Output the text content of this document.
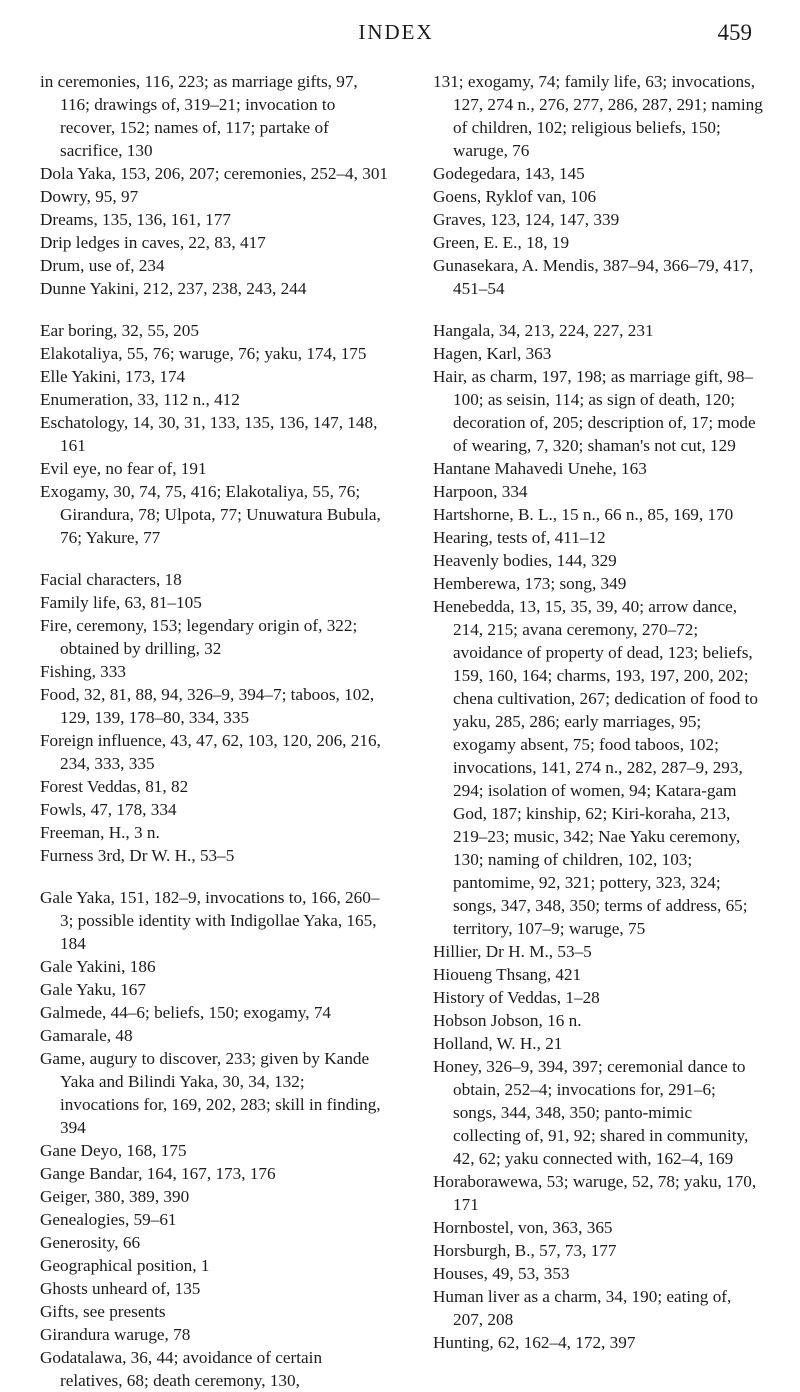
INDEX	459

in ceremonies, 116, 223; as marriage gifts, 97, 116; drawings of, 319–21; invocation to recover, 152; names of, 117; partake of sacrifice, 130

Dola Yaka, 153, 206, 207; ceremonies, 252–4, 301

Dowry, 95, 97

Dreams, 135, 136, 161, 177

Drip ledges in caves, 22, 83, 417

Drum, use of, 234

Dunne Yakini, 212, 237, 238, 243, 244

Ear boring, 32, 55, 205

Elakotaliya, 55, 76; waruge, 76; yaku, 174, 175

Elle Yakini, 173, 174

Enumeration, 33, 112 n., 412

Eschatology, 14, 30, 31, 133, 135, 136, 147, 148, 161

Evil eye, no fear of, 191

Exogamy, 30, 74, 75, 416; Elakotaliya, 55, 76; Girandura, 78; Ulpota, 77; Unuwatura Bubula, 76; Yakure, 77

Facial characters, 18

Family life, 63, 81–105

Fire, ceremony, 153; legendary origin of, 322; obtained by drilling, 32

Fishing, 333

Food, 32, 81, 88, 94, 326–9, 394–7; taboos, 102, 129, 139, 178–80, 334, 335

Foreign influence, 43, 47, 62, 103, 120, 206, 216, 234, 333, 335

Forest Veddas, 81, 82

Fowls, 47, 178, 334

Freeman, H., 3 n.

Furness 3rd, Dr W. H., 53–5

Gale Yaka, 151, 182–9, invocations to, 166, 260–3; possible identity with Indigollae Yaka, 165, 184

Gale Yakini, 186

Gale Yaku, 167

Galmede, 44–6; beliefs, 150; exogamy, 74

Gamarale, 48

Game, augury to discover, 233; given by Kande Yaka and Bilindi Yaka, 30, 34, 132; invocations for, 169, 202, 283; skill in finding, 394

Gane Deyo, 168, 175

Gange Bandar, 164, 167, 173, 176

Geiger, 380, 389, 390

Genealogies, 59–61

Generosity, 66

Geographical position, 1

Ghosts unheard of, 135

Gifts, see presents

Girandura waruge, 78

Godatalawa, 36, 44; avoidance of certain relatives, 68; death ceremony, 130,

131; exogamy, 74; family life, 63; invocations, 127, 274 n., 276, 277, 286, 287, 291; naming of children, 102; religious beliefs, 150; waruge, 76

Godegedara, 143, 145

Goens, Ryklof van, 106

Graves, 123, 124, 147, 339

Green, E. E., 18, 19

Gunasekara, A. Mendis, 387–94, 366–79, 417, 451–54

Hangala, 34, 213, 224, 227, 231

Hagen, Karl, 363

Hair, as charm, 197, 198; as marriage gift, 98–100; as seisin, 114; as sign of death, 120; decoration of, 205; description of, 17; mode of wearing, 7, 320; shaman's not cut, 129

Hantane Mahavedi Unehe, 163

Harpoon, 334

Hartshorne, B. L., 15 n., 66 n., 85, 169, 170

Hearing, tests of, 411–12

Heavenly bodies, 144, 329

Hemberewa, 173; song, 349

Henebedda, 13, 15, 35, 39, 40; arrow dance, 214, 215; avana ceremony, 270–72; avoidance of property of dead, 123; beliefs, 159, 160, 164; charms, 193, 197, 200, 202; chena cultivation, 267; dedication of food to yaku, 285, 286; early marriages, 95; exogamy absent, 75; food taboos, 102; invocations, 141, 274 n., 282, 287–9, 293, 294; isolation of women, 94; Katara-gam God, 187; kinship, 62; Kiri-koraha, 213, 219–23; music, 342; Nae Yaku ceremony, 130; naming of children, 102, 103; pantomime, 92, 321; pottery, 323, 324; songs, 347, 348, 350; terms of address, 65; territory, 107–9; waruge, 75

Hillier, Dr H. M., 53–5

Hioueng Thsang, 421

History of Veddas, 1–28

Hobson Jobson, 16 n.

Holland, W. H., 21

Honey, 326–9, 394, 397; ceremonial dance to obtain, 252–4; invocations for, 291–6; songs, 344, 348, 350; panto-mimic collecting of, 91, 92; shared in community, 42, 62; yaku connected with, 162–4, 169

Horaborawewa, 53; waruge, 52, 78; yaku, 170, 171

Hornbostel, von, 363, 365

Horsburgh, B., 57, 73, 177

Houses, 49, 53, 353

Human liver as a charm, 34, 190; eating of, 207, 208

Hunting, 62, 162–4, 172, 397
